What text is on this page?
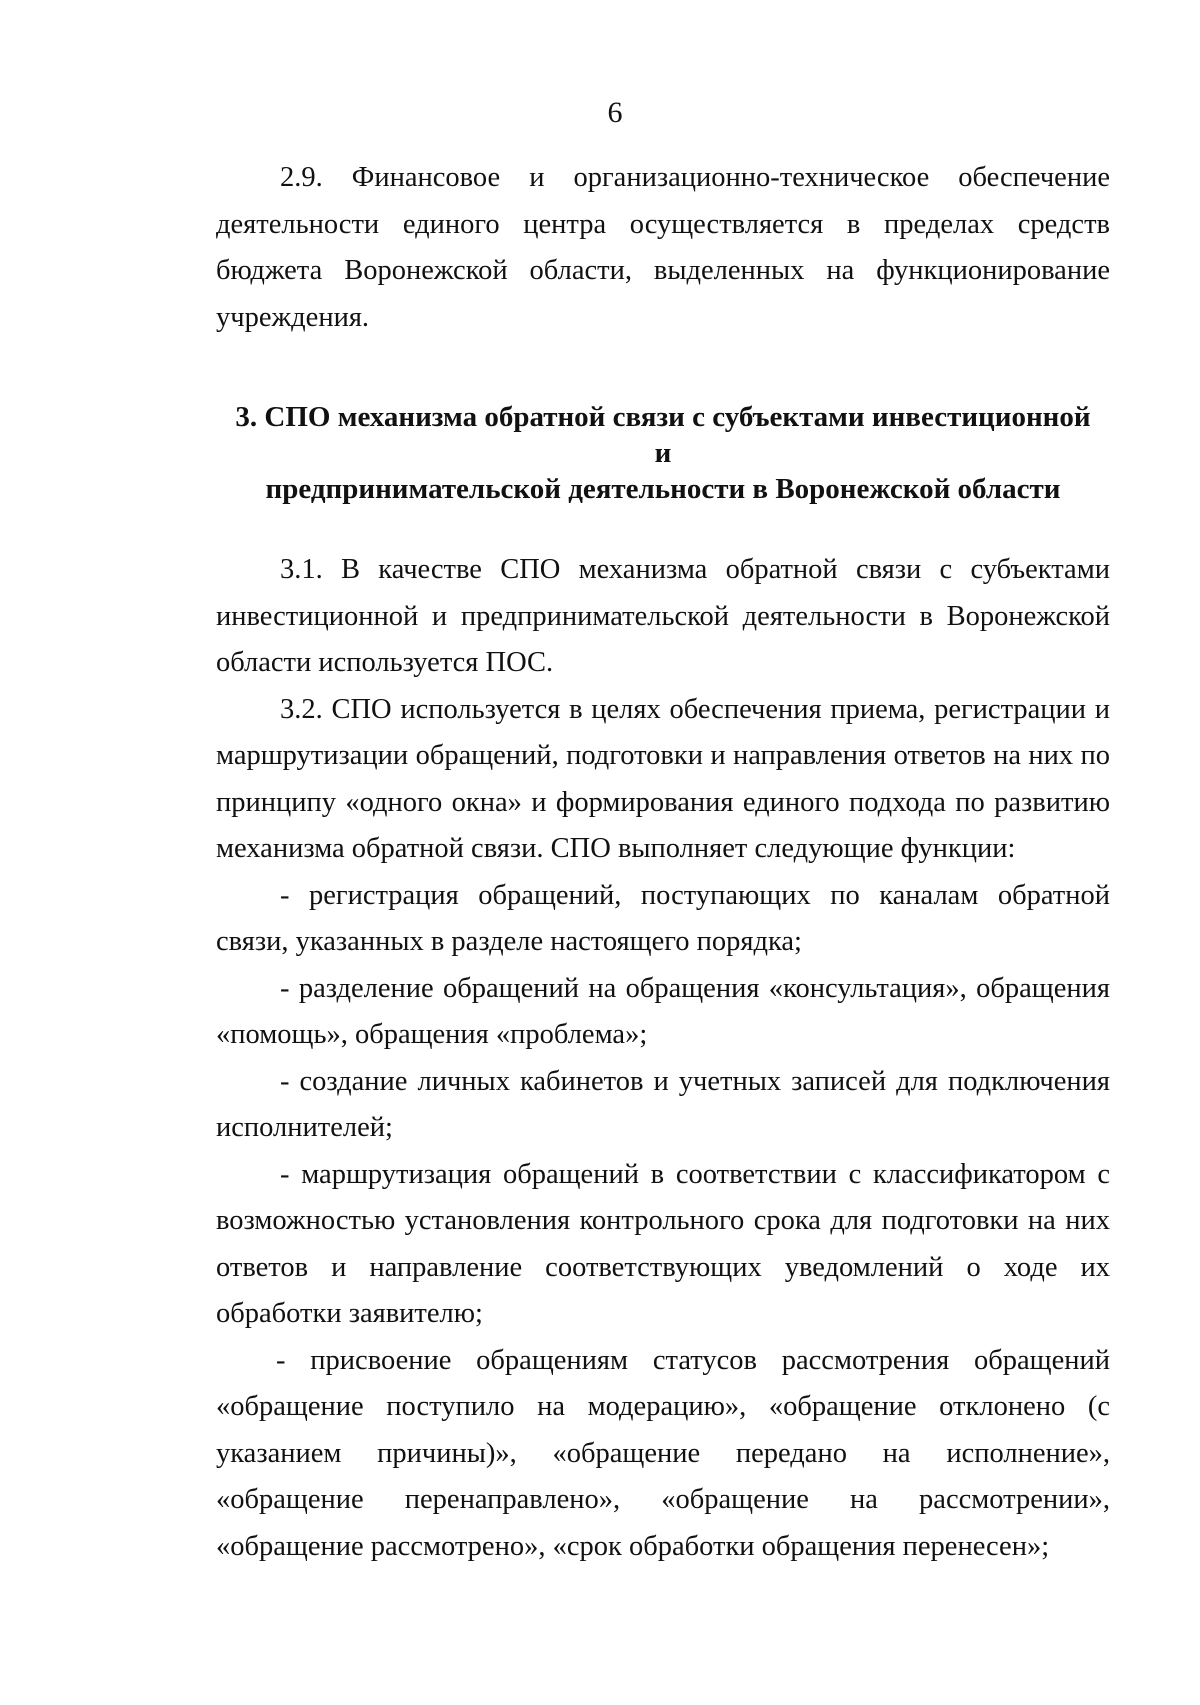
6

2.9. Финансовое и организационно-техническое обеспечение деятельности единого центра осуществляется в пределах средств бюджета Воронежской области, выделенных на функционирование учреждения.

3. СПО механизма обратной связи с субъектами инвестиционной и
предпринимательской деятельности в Воронежской области

3.1. В качестве СПО механизма обратной связи с субъектами инвестиционной и предпринимательской деятельности в Воронежской области используется ПОС.

3.2. СПО используется в целях обеспечения приема, регистрации и маршрутизации обращений, подготовки и направления ответов на них по принципу «одного окна» и формирования единого подхода по развитию механизма обратной связи. СПО выполняет следующие функции:

- регистрация обращений, поступающих по каналам обратной связи, указанных в разделе настоящего порядка;

- разделение обращений на обращения «консультация», обращения «помощь», обращения «проблема»;

- создание личных кабинетов и учетных записей для подключения исполнителей;

- маршрутизация обращений в соответствии с классификатором с возможностью установления контрольного срока для подготовки на них ответов и направление соответствующих уведомлений о ходе их обработки заявителю;

- присвоение обращениям статусов рассмотрения обращений «обращение поступило на модерацию», «обращение отклонено (с указанием причины)», «обращение передано на исполнение», «обращение перенаправлено», «обращение на рассмотрении», «обращение рассмотрено», «срок обработки обращения перенесен»;
